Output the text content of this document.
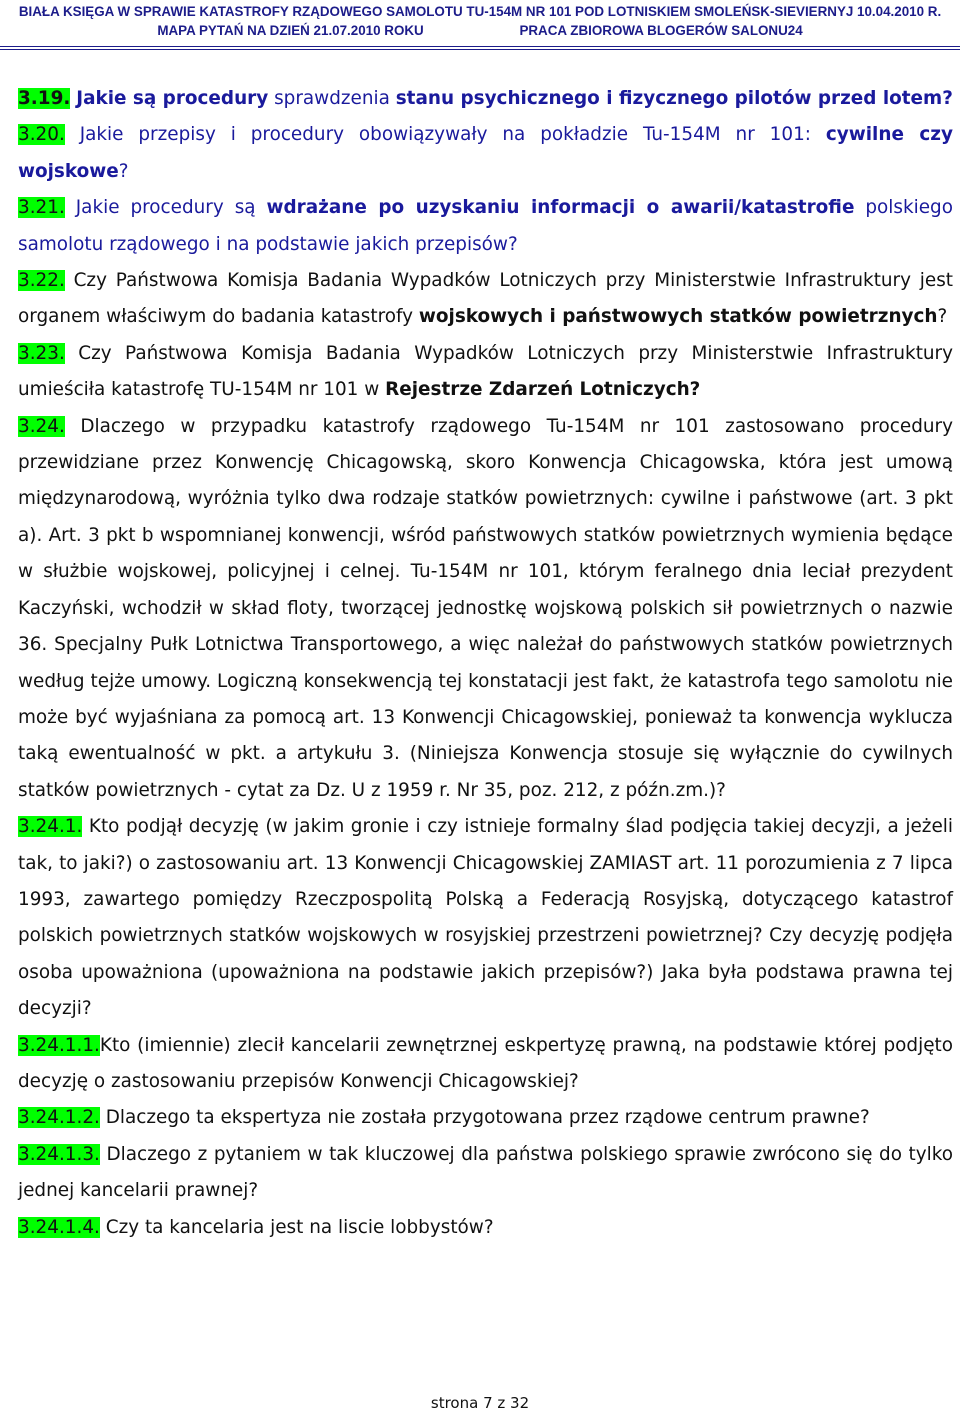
BIAŁA KSIĘGA W SPRAWIE KATASTROFY RZĄDOWEGO SAMOLOTU TU-154M NR 101 POD LOTNISKIEM SMOLEŃSK-SIEVIERNYJ 10.04.2010 R.
MAPA PYTAŃ NA DZIEŃ 21.07.2010 ROKU	PRACA ZBIOROWA BLOGERÓW SALONU24

3.19. Jakie są procedury sprawdzenia stanu psychicznego i fizycznego pilotów przed lotem?

3.20. Jakie przepisy i procedury obowiązywały na pokładzie Tu-154M nr 101: cywilne czy wojskowe?

3.21. Jakie procedury są wdrażane po uzyskaniu informacji o awarii/katastrofie polskiego samolotu rządowego i na podstawie jakich przepisów?

3.22. Czy Państwowa Komisja Badania Wypadków Lotniczych przy Ministerstwie Infrastruktury jest organem właściwym do badania katastrofy wojskowych i państwowych statków powietrznych?

3.23. Czy Państwowa Komisja Badania Wypadków Lotniczych przy Ministerstwie Infrastruktury umieściła katastrofę TU-154M nr 101 w Rejestrze Zdarzeń Lotniczych?

3.24. Dlaczego w przypadku katastrofy rządowego Tu-154M nr 101 zastosowano procedury przewidziane przez Konwencję Chicagowską, skoro Konwencja Chicagowska, która jest umową międzynarodową, wyróżnia tylko dwa rodzaje statków powietrznych: cywilne i państwowe (art. 3 pkt a). Art. 3 pkt b wspomnianej konwencji, wśród państwowych statków powietrznych wymienia będące w służbie wojskowej, policyjnej i celnej. Tu-154M nr 101, którym feralnego dnia leciał prezydent Kaczyński, wchodził w skład floty, tworzącej jednostkę wojskową polskich sił powietrznych o nazwie 36. Specjalny Pułk Lotnictwa Transportowego, a więc należał do państwowych statków powietrznych według tejże umowy. Logiczną konsekwencją tej konstatacji jest fakt, że katastrofa tego samolotu nie może być wyjaśniana za pomocą art. 13 Konwencji Chicagowskiej, ponieważ ta konwencja wyklucza taką ewentualność w pkt. a artykułu 3. (Niniejsza Konwencja stosuje się wyłącznie do cywilnych statków powietrznych - cytat za Dz. U z 1959 r. Nr 35, poz. 212, z późn.zm.)?

3.24.1. Kto podjął decyzję (w jakim gronie i czy istnieje formalny ślad podjęcia takiej decyzji, a jeżeli tak, to jaki?) o zastosowaniu art. 13 Konwencji Chicagowskiej ZAMIAST art. 11 porozumienia z 7 lipca 1993, zawartego pomiędzy Rzeczpospolitą Polską a Federacją Rosyjską, dotyczącego katastrof polskich powietrznych statków wojskowych w rosyjskiej przestrzeni powietrznej? Czy decyzję podjęła osoba upoważniona (upoważniona na podstawie jakich przepisów?) Jaka była podstawa prawna tej decyzji?

3.24.1.1.Kto (imiennie) zlecił kancelarii zewnętrznej eskpertyzę prawną, na podstawie której podjęto decyzję o zastosowaniu przepisów Konwencji Chicagowskiej?

3.24.1.2. Dlaczego ta ekspertyza nie została przygotowana przez rządowe centrum prawne?

3.24.1.3. Dlaczego z pytaniem w tak kluczowej dla państwa polskiego sprawie zwrócono się do tylko jednej kancelarii prawnej?

3.24.1.4. Czy ta kancelaria jest na liscie lobbystów?

strona 7 z 32
